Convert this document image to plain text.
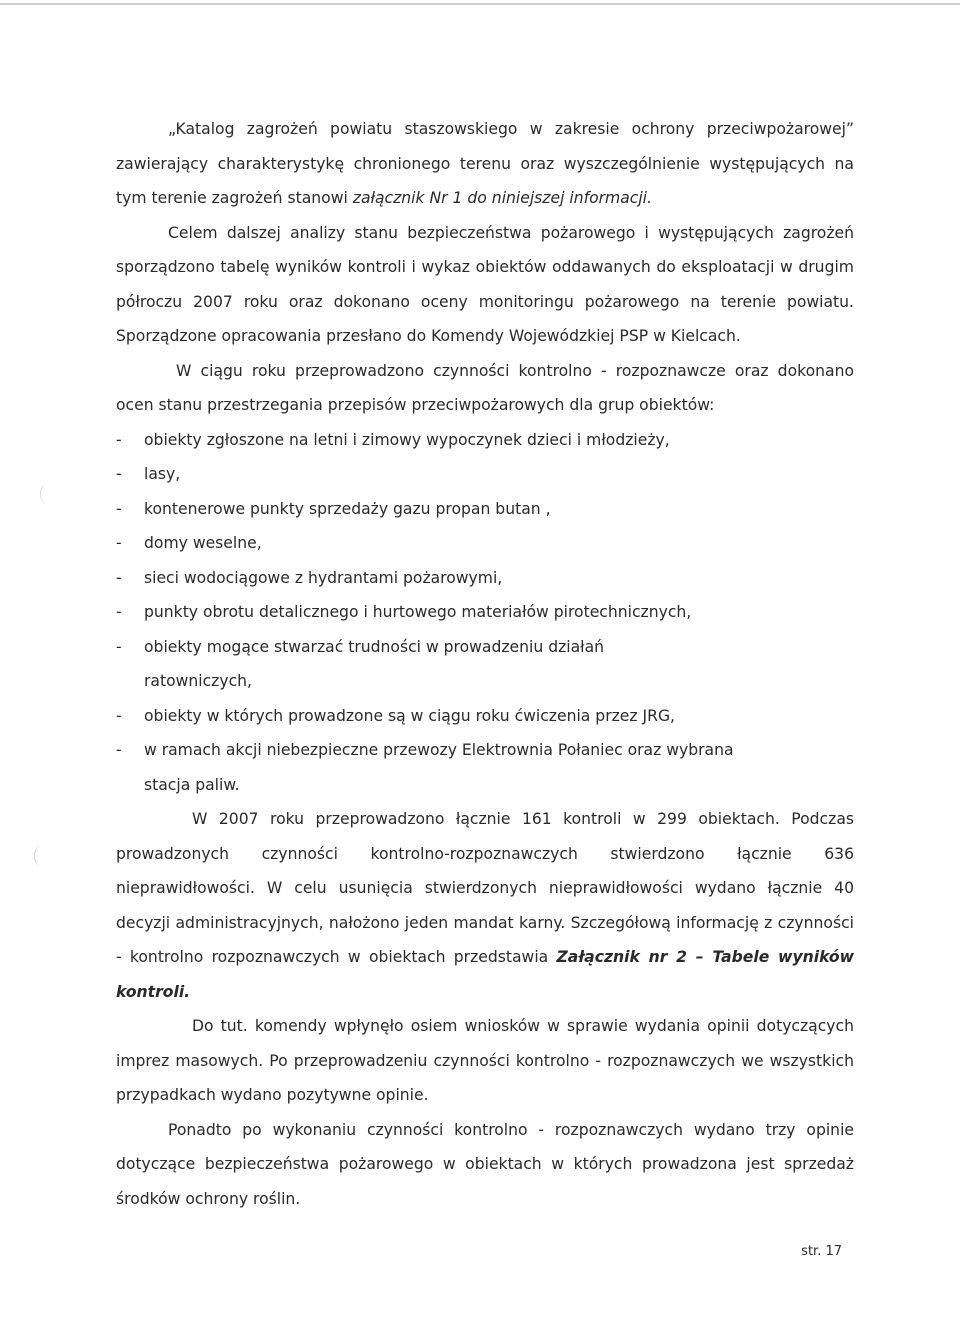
„Katalog zagrożeń powiatu staszowskiego w zakresie ochrony przeciwpożarowej” zawierający charakterystykę chronionego terenu oraz wyszczególnienie występujących na tym terenie zagrożeń stanowi załącznik Nr 1 do niniejszej informacji.

Celem dalszej analizy stanu bezpieczeństwa pożarowego i występujących zagrożeń sporządzono tabelę wyników kontroli i wykaz obiektów oddawanych do eksploatacji w drugim półroczu 2007 roku oraz dokonano oceny monitoringu pożarowego na terenie powiatu. Sporządzone opracowania przesłano do Komendy Wojewódzkiej PSP w Kielcach.

W ciągu roku przeprowadzono czynności kontrolno - rozpoznawcze oraz dokonano ocen stanu przestrzegania przepisów przeciwpożarowych dla grup obiektów:

- obiekty zgłoszone na letni i zimowy wypoczynek dzieci i młodzieży,
- lasy,
- kontenerowe punkty sprzedaży gazu propan butan ,
- domy weselne,
- sieci wodociągowe z hydrantami pożarowymi,
- punkty obrotu detalicznego i hurtowego materiałów pirotechnicznych,
- obiekty mogące stwarzać trudności w prowadzeniu działań ratowniczych,
- obiekty w których prowadzone są w ciągu roku ćwiczenia przez JRG,
- w ramach akcji niebezpieczne przewozy Elektrownia Połaniec oraz wybrana stacja paliw.

W 2007 roku przeprowadzono łącznie 161 kontroli w 299 obiektach. Podczas prowadzonych czynności kontrolno-rozpoznawczych stwierdzono łącznie 636 nieprawidłowości. W celu usunięcia stwierdzonych nieprawidłowości wydano łącznie 40 decyzji administracyjnych, nałożono jeden mandat karny. Szczegółową informację z czynności - kontrolno rozpoznawczych w obiektach przedstawia Załącznik nr 2 – Tabele wyników kontroli.

Do tut. komendy wpłynęło osiem wniosków w sprawie wydania opinii dotyczących imprez masowych. Po przeprowadzeniu czynności kontrolno - rozpoznawczych we wszystkich przypadkach wydano pozytywne opinie.

Ponadto po wykonaniu czynności kontrolno - rozpoznawczych wydano trzy opinie dotyczące bezpieczeństwa pożarowego w obiektach w których prowadzona jest sprzedaż środków ochrony roślin.

str. 17
